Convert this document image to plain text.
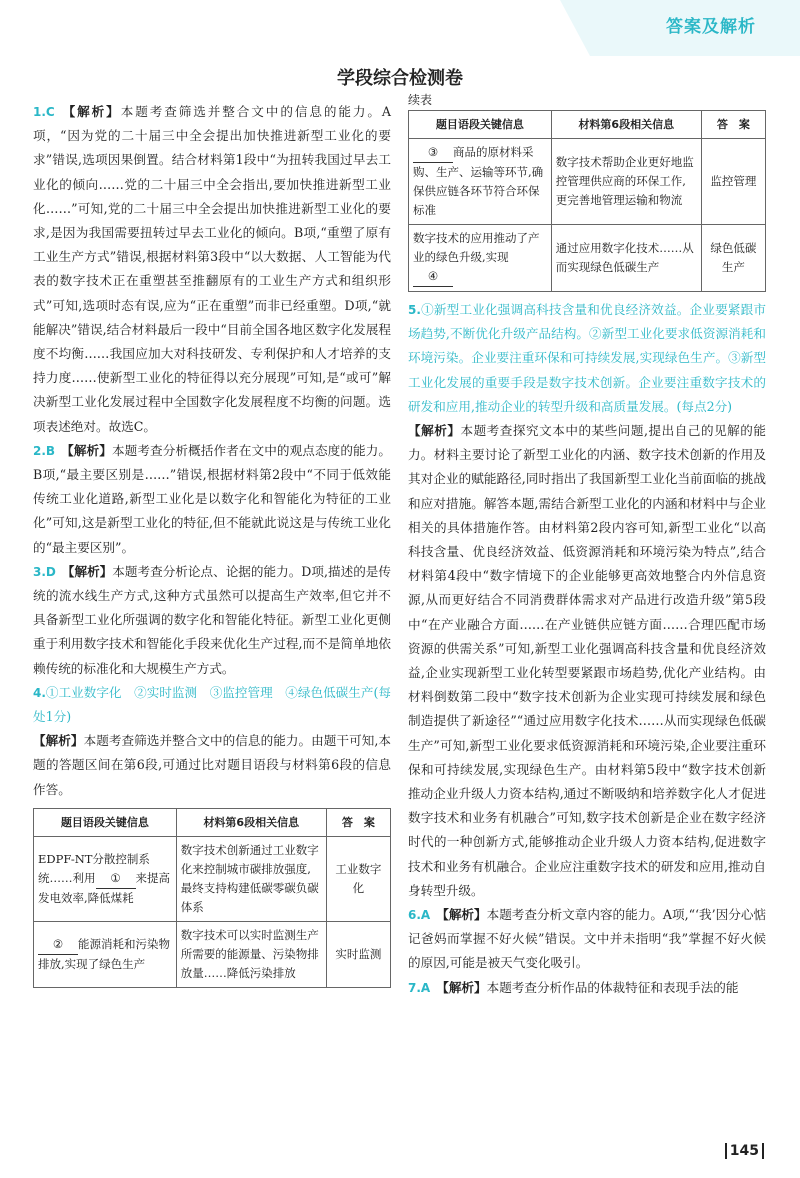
答案及解析
学段综合检测卷

1.C 【解析】本题考查筛选并整合文中的信息的能力。A项，“因为党的二十届三中全会提出加快推进新型工业化的要求”错误,选项因果倒置。结合材料第1段中“为扭转我国过早去工业化的倾向……党的二十届三中全会指出,要加快推进新型工业化……”可知,党的二十届三中全会提出加快推进新型工业化的要求,是因为我国需要扭转过早去工业化的倾向。B项,“重塑了原有工业生产方式”错误,根据材料第3段中“以大数据、人工智能为代表的数字技术正在重塑甚至推翻原有的工业生产方式和组织形式”可知,选项时态有误,应为“正在重塑”而非已经重塑。D项,“就能解决”错误,结合材料最后一段中“目前全国各地区数字化发展程度不均衡……我国应加大对科技研发、专利保护和人才培养的支持力度……使新型工业化的特征得以充分展现”可知,是“或可”解决新型工业化发展过程中全国数字化发展程度不均衡的问题。选项表述绝对。故选C。

2.B 【解析】本题考查分析概括作者在文中的观点态度的能力。B项,“最主要区别是……”错误,根据材料第2段中“不同于低效能传统工业化道路,新型工业化是以数字化和智能化为特征的工业化”可知,这是新型工业化的特征,但不能就此说这是与传统工业化的“最主要区别”。

3.D 【解析】本题考查分析论点、论据的能力。D项,描述的是传统的流水线生产方式,这种方式虽然可以提高生产效率,但它并不具备新型工业化所强调的数字化和智能化特征。新型工业化更侧重于利用数字技术和智能化手段来优化生产过程,而不是简单地依赖传统的标准化和大规模生产方式。

4.①工业数字化　②实时监测　③监控管理　④绿色低碳生产(每处1分)

【解析】本题考查筛选并整合文中的信息的能力。由题干可知,本题的答题区间在第6段,可通过比对题目语段与材料第6段的信息作答。

题目语段关键信息	材料第6段相关信息	答　案
EDPF-NT分散控制系统……利用 ① 来提高发电效率,降低煤耗	数字技术创新通过工业数字化来控制城市碳排放强度,最终支持构建低碳零碳负碳体系	工业数字化
② 能源消耗和污染物排放,实现了绿色生产	数字技术可以实时监测生产所需要的能源量、污染物排放量……降低污染排放	实时监测

续表

题目语段关键信息	材料第6段相关信息	答　案
③ 商品的原材料采购、生产、运输等环节,确保供应链各环节符合环保标准	数字技术帮助企业更好地监控管理供应商的环保工作,更完善地管理运输和物流	监控管理
数字技术的应用推动了产业的绿色升级,实现④	通过应用数字化技术……从而实现绿色低碳生产	绿色低碳生产

5.①新型工业化强调高科技含量和优良经济效益。企业要紧跟市场趋势,不断优化升级产品结构。②新型工业化要求低资源消耗和环境污染。企业要注重环保和可持续发展,实现绿色生产。③新型工业化发展的重要手段是数字技术创新。企业要注重数字技术的研发和应用,推动企业的转型升级和高质量发展。(每点2分)

【解析】本题考查探究文本中的某些问题,提出自己的见解的能力。材料主要讨论了新型工业化的内涵、数字技术创新的作用及其对企业的赋能路径,同时指出了我国新型工业化当前面临的挑战和应对措施。解答本题,需结合新型工业化的内涵和材料中与企业相关的具体措施作答。由材料第2段内容可知,新型工业化“以高科技含量、优良经济效益、低资源消耗和环境污染为特点”,结合材料第4段中“数字情境下的企业能够更高效地整合内外信息资源,从而更好结合不同消费群体需求对产品进行改造升级”第5段中“在产业融合方面……在产业链供应链方面……合理匹配市场资源的供需关系”可知,新型工业化强调高科技含量和优良经济效益,企业实现新型工业化转型要紧跟市场趋势,优化产业结构。由材料倒数第二段中“数字技术创新为企业实现可持续发展和绿色制造提供了新途径”“通过应用数字化技术……从而实现绿色低碳生产”可知,新型工业化要求低资源消耗和环境污染,企业要注重环保和可持续发展,实现绿色生产。由材料第5段中“数字技术创新推动企业升级人力资本结构,通过不断吸纳和培养数字化人才促进数字技术和业务有机融合”可知,数字技术创新是企业在数字经济时代的一种创新方式,能够推动企业升级人力资本结构,促进数字技术和业务有机融合。企业应注重数字技术的研发和应用,推动自身转型升级。

6.A 【解析】本题考查分析文章内容的能力。A项,“‘我’因分心惦记爸妈而掌握不好火候”错误。文中并未指明“我”掌握不好火候的原因,可能是被天气变化吸引。

7.A 【解析】本题考查分析作品的体裁特征和表现手法的能

145
